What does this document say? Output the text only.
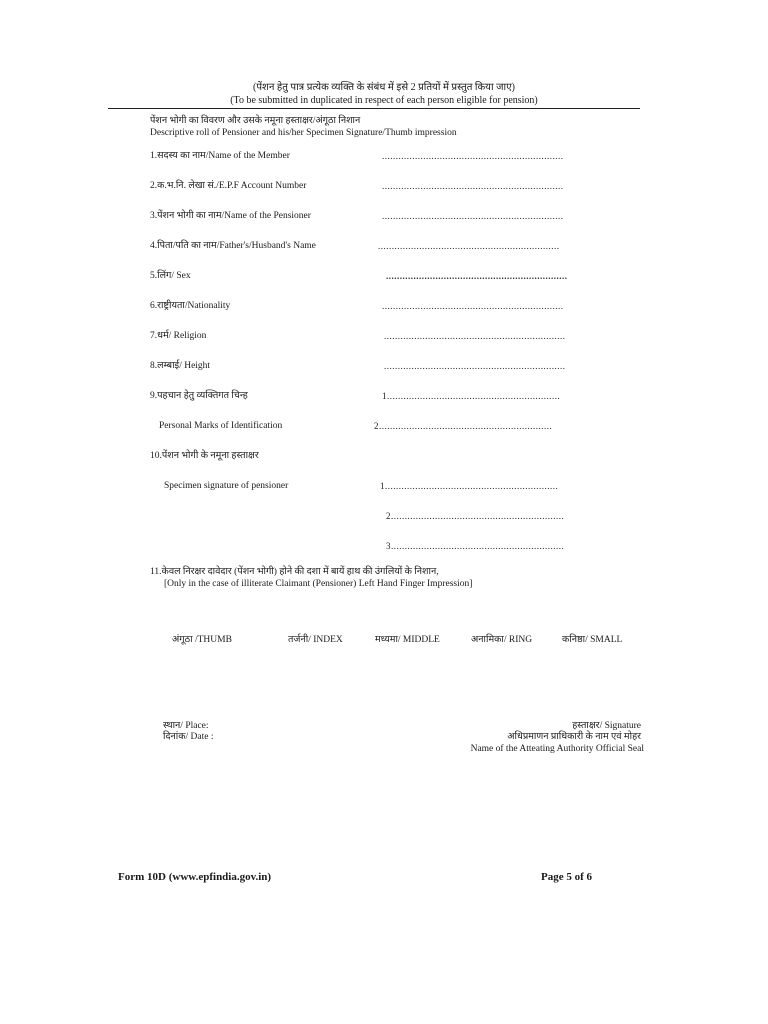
(पेंशन हेतु पात्र प्रत्येक व्यक्ति के संबंध में इसे 2 प्रतियों में प्रस्तुत किया जाए)
(To be submitted in duplicated in respect of each person eligible for pension)
पेंशन भोगी का विवरण और उसके नमूना हस्ताक्षर/अंगूठा निशान
Descriptive roll of Pensioner and his/her Specimen Signature/Thumb impression
1.सदस्य का नाम/Name of the Member	..................................................................
2.क.भ.नि. लेखा सं./E.P.F Account Number	..................................................................
3.पेंशन भोगी का नाम/Name of the Pensioner	..................................................................
4.पिता/पति का नाम/Father's/Husband's Name	..................................................................
5.लिंग/ Sex	..................................................................
6.राष्ट्रीयता/Nationality	..................................................................
7.धर्म/ Religion	..................................................................
8.लम्बाई/ Height	..................................................................
9.पहचान हेतु व्यक्तिगत चिन्ह	1...............................................................
Personal Marks of Identification	2...............................................................
10.पेंशन भोगी के नमूना हस्ताक्षर
Specimen signature of pensioner	1...............................................................
2...............................................................
3...............................................................
11.केवल निरक्षर दावेदार (पेंशन भोगी) होने की दशा में बायें हाथ की उंगलियों के निशान,
[Only in the case of illiterate Claimant (Pensioner) Left Hand Finger Impression]
अंगूठा /THUMB	तर्जनी/ INDEX	मध्यमा/ MIDDLE	अनामिका/ RING	कनिष्ठा/ SMALL
स्थान/ Place:
दिनांक/ Date :
हस्ताक्षर/ Signature
अधिप्रमाणन प्राधिकारी के नाम एवं मोहर
Name of the Atteating Authority Official Seal
Form 10D (www.epfindia.gov.in)	Page 5 of 6
